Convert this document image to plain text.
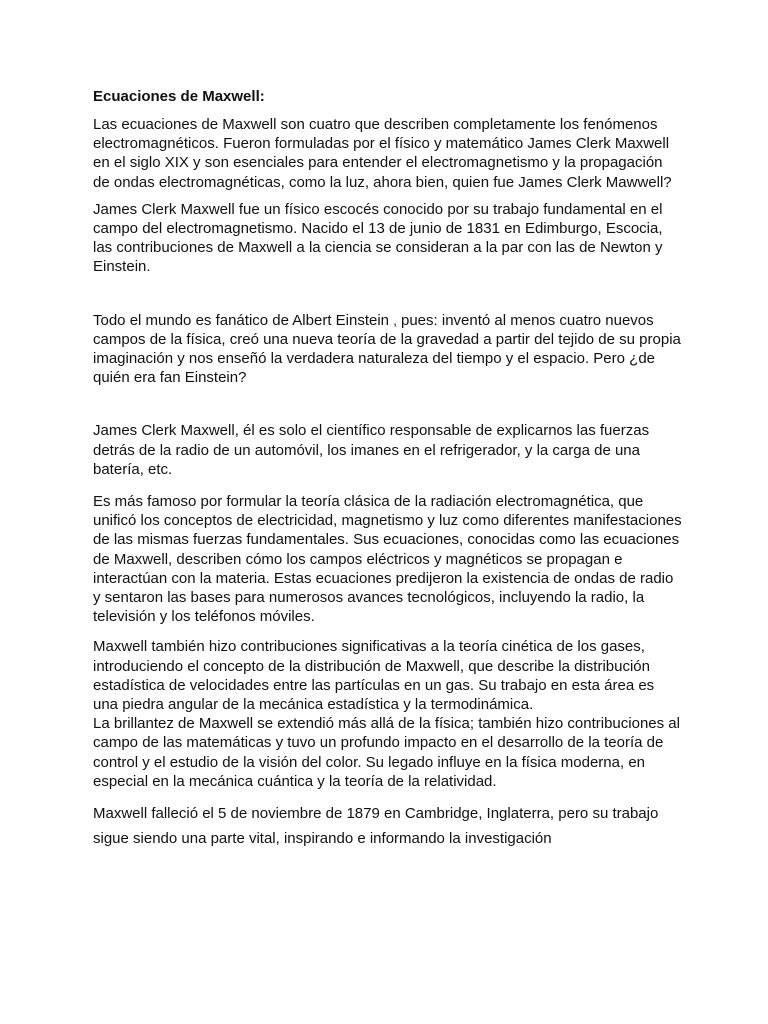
Ecuaciones de Maxwell:

Las ecuaciones de Maxwell son cuatro que describen completamente los fenómenos electromagnéticos. Fueron formuladas por el físico y matemático James Clerk Maxwell en el siglo XIX y son esenciales para entender el electromagnetismo y la propagación de ondas electromagnéticas, como la luz, ahora bien, quien fue James Clerk Mawwell?

James Clerk Maxwell fue un físico escocés conocido por su trabajo fundamental en el campo del electromagnetismo. Nacido el 13 de junio de 1831 en Edimburgo, Escocia, las contribuciones de Maxwell a la ciencia se consideran a la par con las de Newton y Einstein.

Todo el mundo es fanático de Albert Einstein , pues: inventó al menos cuatro nuevos campos de la física, creó una nueva teoría de la gravedad a partir del tejido de su propia imaginación y nos enseñó la verdadera naturaleza del tiempo y el espacio. Pero ¿de quién era fan Einstein?

James Clerk Maxwell, él es solo el científico responsable de explicarnos las fuerzas detrás de la radio de un automóvil, los imanes en el refrigerador, y la carga de una batería, etc.

Es más famoso por formular la teoría clásica de la radiación electromagnética, que unificó los conceptos de electricidad, magnetismo y luz como diferentes manifestaciones de las mismas fuerzas fundamentales. Sus ecuaciones, conocidas como las ecuaciones de Maxwell, describen cómo los campos eléctricos y magnéticos se propagan e interactúan con la materia. Estas ecuaciones predijeron la existencia de ondas de radio y sentaron las bases para numerosos avances tecnológicos, incluyendo la radio, la televisión y los teléfonos móviles.

Maxwell también hizo contribuciones significativas a la teoría cinética de los gases, introduciendo el concepto de la distribución de Maxwell, que describe la distribución estadística de velocidades entre las partículas en un gas. Su trabajo en esta área es una piedra angular de la mecánica estadística y la termodinámica.
La brillantez de Maxwell se extendió más allá de la física; también hizo contribuciones al campo de las matemáticas y tuvo un profundo impacto en el desarrollo de la teoría de control y el estudio de la visión del color. Su legado influye en la física moderna, en especial en la mecánica cuántica y la teoría de la relatividad.

Maxwell falleció el 5 de noviembre de 1879 en Cambridge, Inglaterra, pero su trabajo sigue siendo una parte vital, inspirando e informando la investigación
